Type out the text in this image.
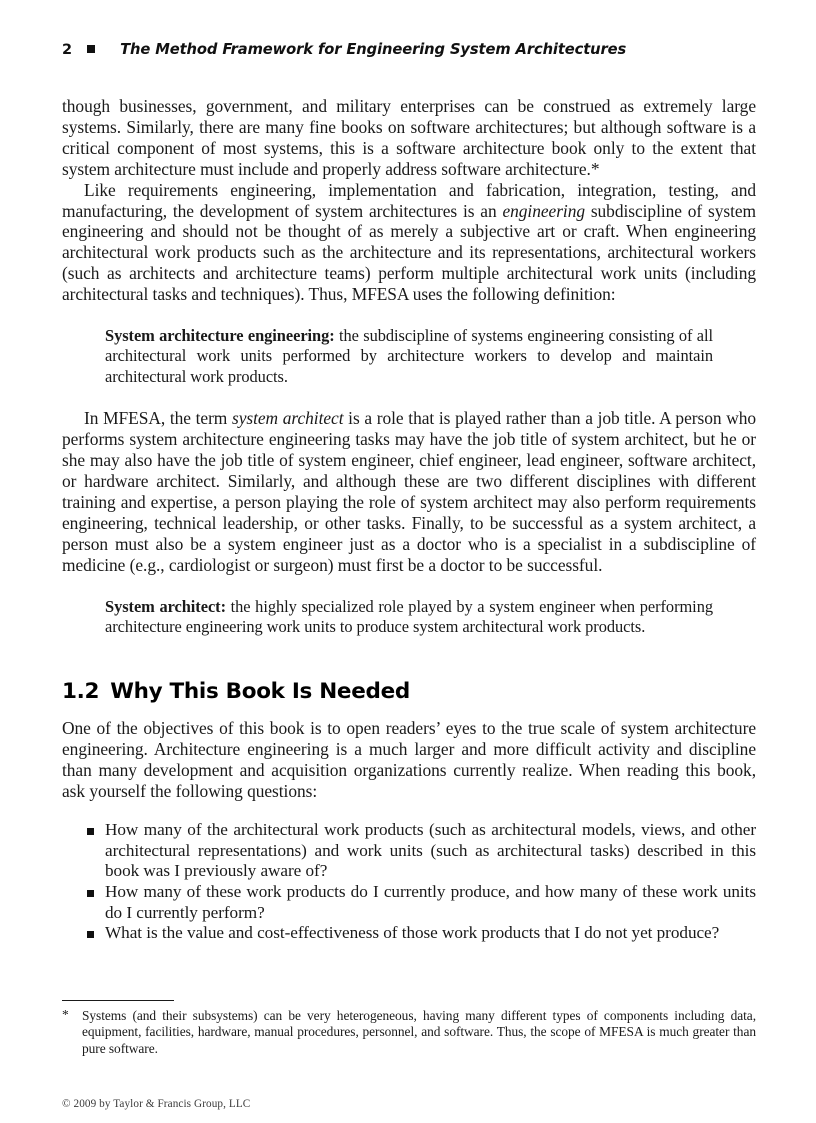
2	The Method Framework for Engineering System Architectures

though businesses, government, and military enterprises can be construed as extremely large systems. Similarly, there are many fine books on software architectures; but although software is a critical component of most systems, this is a software architecture book only to the extent that system architecture must include and properly address software architecture.*

Like requirements engineering, implementation and fabrication, integration, testing, and manufacturing, the development of system architectures is an engineering subdiscipline of system engineering and should not be thought of as merely a subjective art or craft. When engineering architectural work products such as the architecture and its representations, architectural workers (such as architects and architecture teams) perform multiple architectural work units (including architectural tasks and techniques). Thus, MFESA uses the following definition:

System architecture engineering: the subdiscipline of systems engineering consisting of all architectural work units performed by architecture workers to develop and maintain architectural work products.

In MFESA, the term system architect is a role that is played rather than a job title. A person who performs system architecture engineering tasks may have the job title of system architect, but he or she may also have the job title of system engineer, chief engineer, lead engineer, software architect, or hardware architect. Similarly, and although these are two different disciplines with different training and expertise, a person playing the role of system architect may also perform requirements engineering, technical leadership, or other tasks. Finally, to be successful as a system architect, a person must also be a system engineer just as a doctor who is a specialist in a subdiscipline of medicine (e.g., cardiologist or surgeon) must first be a doctor to be successful.

System architect: the highly specialized role played by a system engineer when performing architecture engineering work units to produce system architectural work products.

1.2 Why This Book Is Needed

One of the objectives of this book is to open readers’ eyes to the true scale of system architecture engineering. Architecture engineering is a much larger and more difficult activity and discipline than many development and acquisition organizations currently realize. When reading this book, ask yourself the following questions:

How many of the architectural work products (such as architectural models, views, and other architectural representations) and work units (such as architectural tasks) described in this book was I previously aware of?
How many of these work products do I currently produce, and how many of these work units do I currently perform?
What is the value and cost-effectiveness of those work products that I do not yet produce?
* Systems (and their subsystems) can be very heterogeneous, having many different types of components including data, equipment, facilities, hardware, manual procedures, personnel, and software. Thus, the scope of MFESA is much greater than pure software.
© 2009 by Taylor & Francis Group, LLC
